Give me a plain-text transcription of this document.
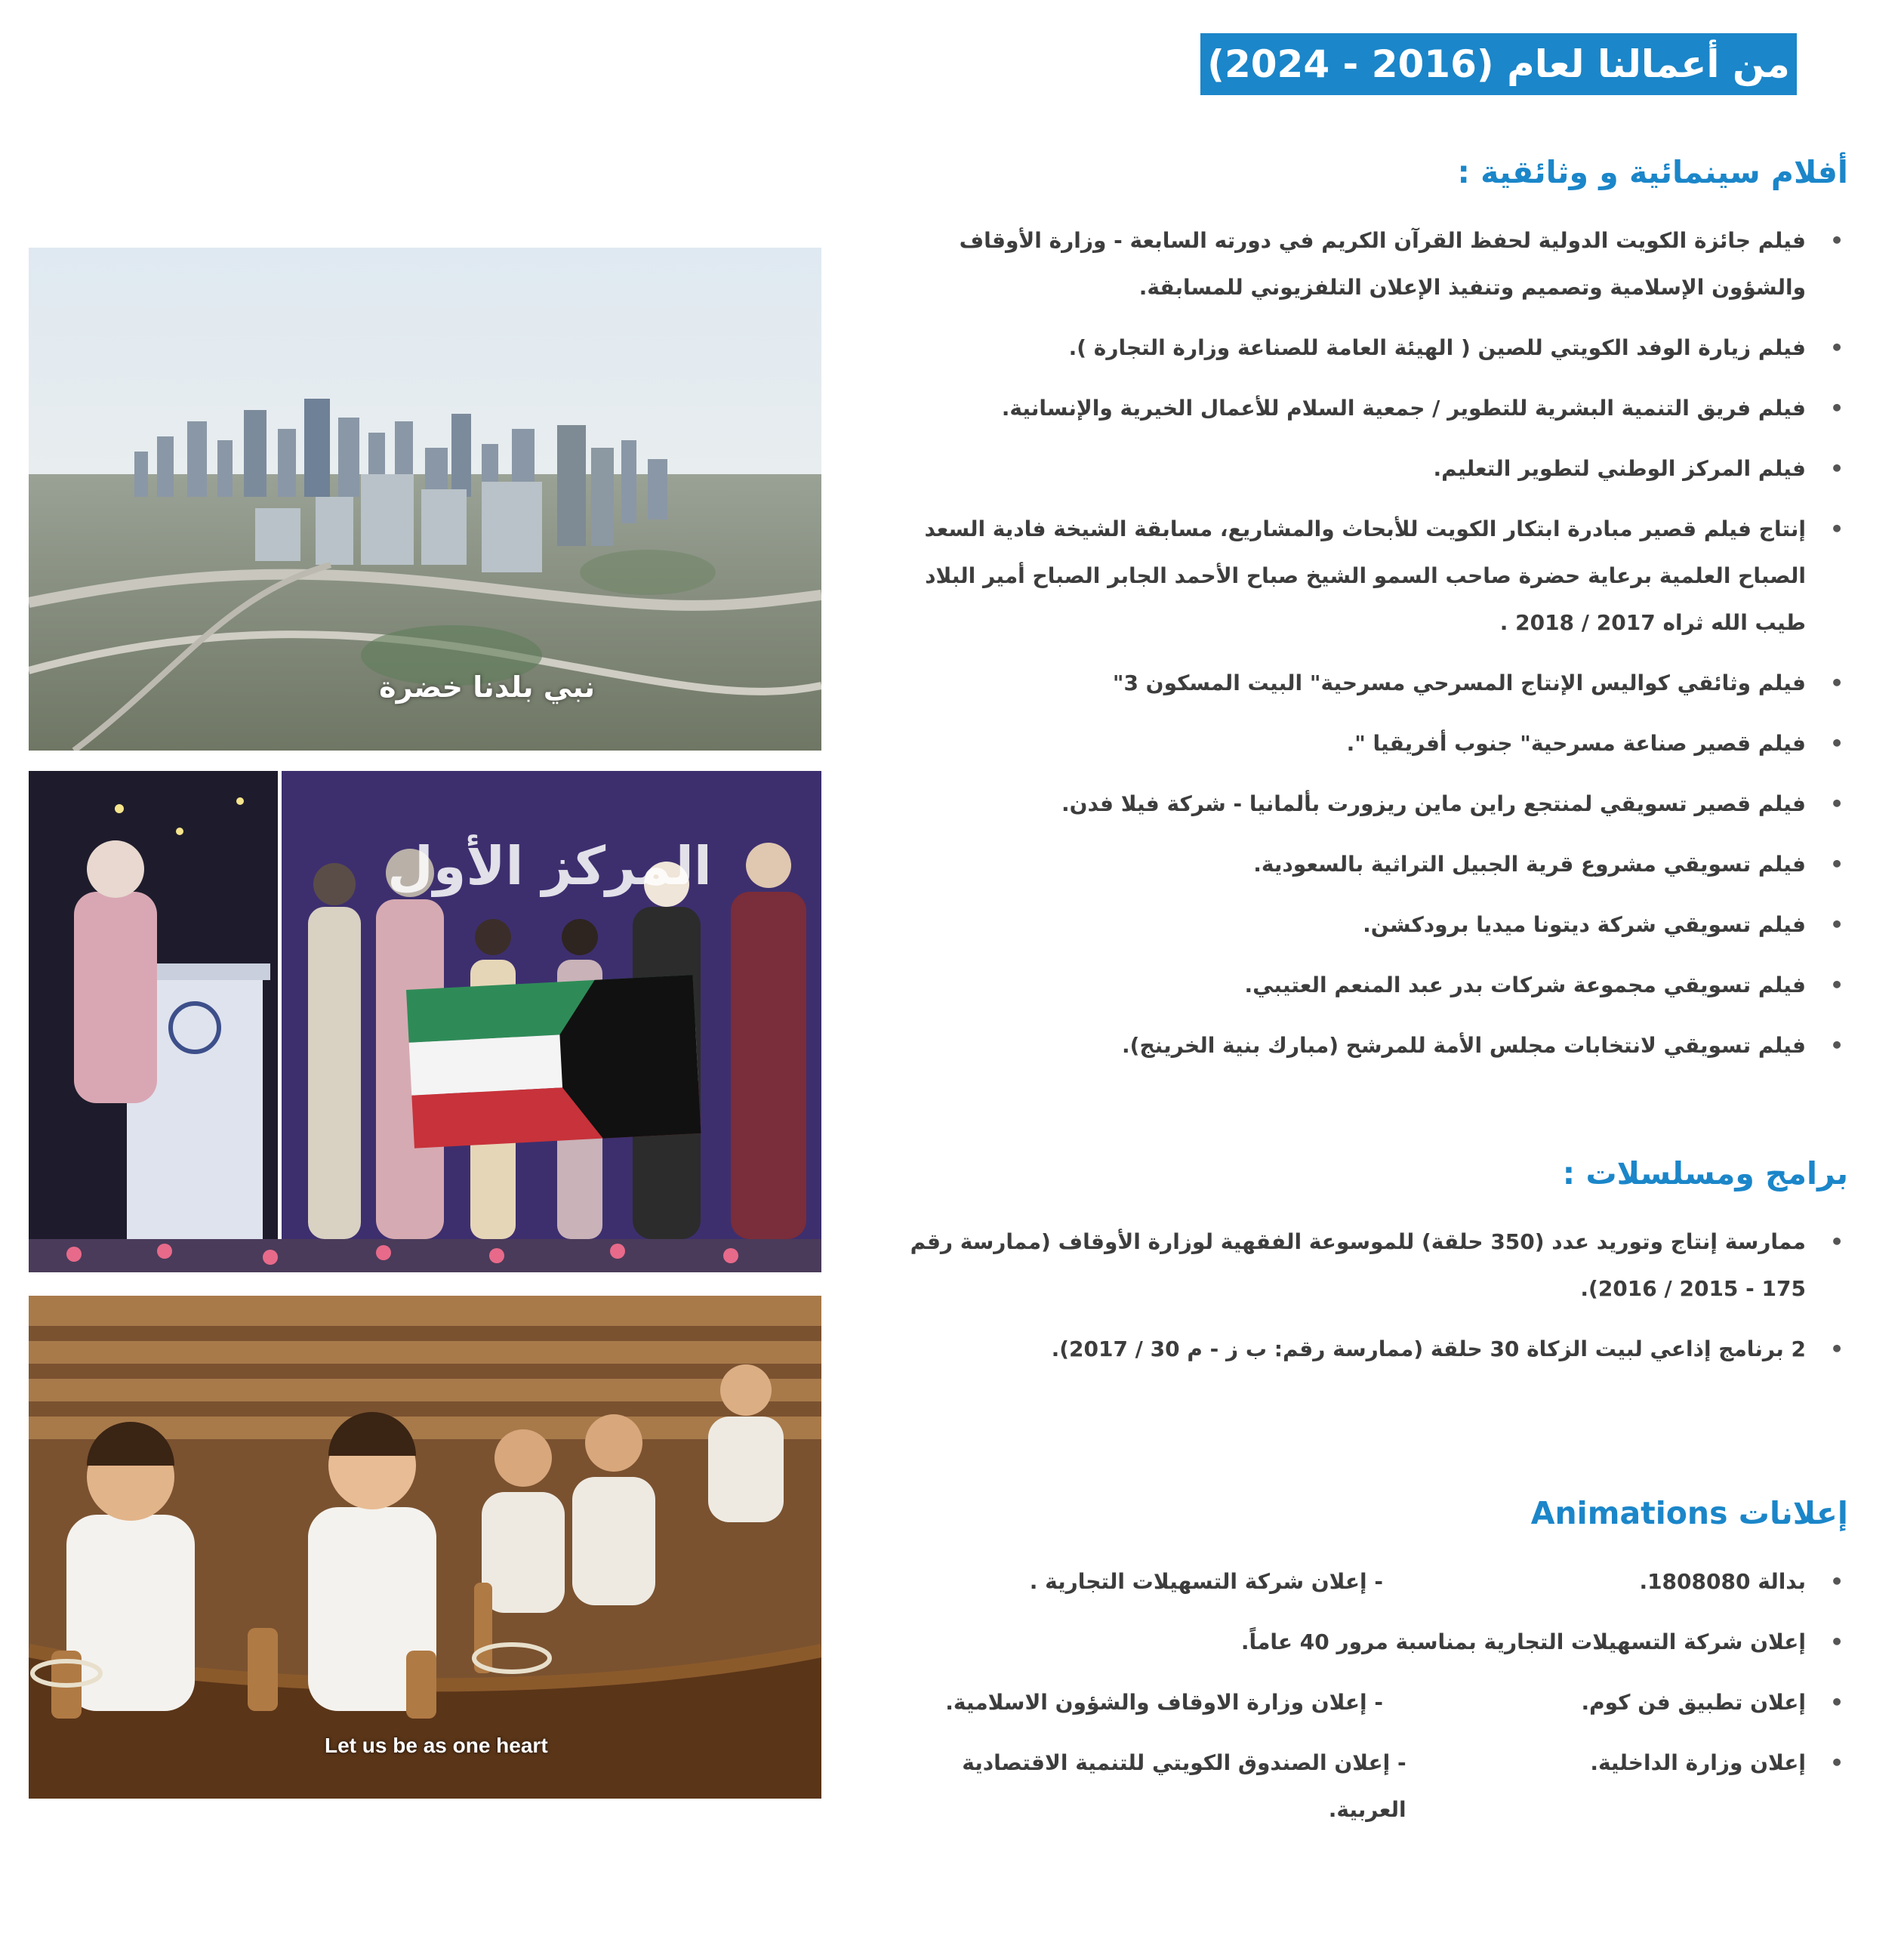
من أعمالنا لعام (2016 - 2024) :
أفلام سينمائية و وثائقية :
• فيلم جائزة الكويت الدولية لحفظ القرآن الكريم في دورته السابعة - وزارة الأوقاف والشؤون الإسلامية وتصميم وتنفيذ الإعلان التلفزيوني للمسابقة.
• فيلم زيارة الوفد الكويتي للصين ( الهيئة العامة للصناعة وزارة التجارة ).
• فيلم فريق التنمية البشرية للتطوير / جمعية السلام للأعمال الخيرية والإنسانية.
• فيلم المركز الوطني لتطوير التعليم.
• إنتاج فيلم قصير مبادرة ابتكار الكويت للأبحاث والمشاريع، مسابقة الشيخة فادية السعد الصباح العلمية برعاية حضرة صاحب السمو الشيخ صباح الأحمد الجابر الصباح أمير البلاد طيب الله ثراه 2017 / 2018 .
• فيلم وثائقي كواليس الإنتاج المسرحي مسرحية" البيت المسكون 3"
• فيلم قصير صناعة مسرحية" جنوب أفريقيا ".
• فيلم قصير تسويقي لمنتجع راين ماين ريزورت بألمانيا - شركة فيلا فدن.
• فيلم تسويقي مشروع قرية الجبيل التراثية بالسعودية.
• فيلم تسويقي شركة ديتونا ميديا برودكشن.
• فيلم تسويقي مجموعة شركات بدر عبد المنعم العتيبي.
• فيلم تسويقي لانتخابات مجلس الأمة للمرشح (مبارك بنية الخرينج).
برامج ومسلسلات :
• ممارسة إنتاج وتوريد عدد (350 حلقة) للموسوعة الفقهية لوزارة الأوقاف (ممارسة رقم 175 - 2015 / 2016).
• 2 برنامج إذاعي لبيت الزكاة 30 حلقة (ممارسة رقم: ب ز - م 30 / 2017).
إعلانات Animations
• بدالة 1808080.
- إعلان شركة التسهيلات التجارية .
• إعلان شركة التسهيلات التجارية بمناسبة مرور 40 عاماً.
• إعلان تطبيق فن كوم.
- إعلان وزارة الاوقاف والشؤون الاسلامية.
• إعلان وزارة الداخلية.
- إعلان الصندوق الكويتي للتنمية الاقتصادية العربية.
نبي بلدنا خضرة
المركز الأول
Let us be as one heart
